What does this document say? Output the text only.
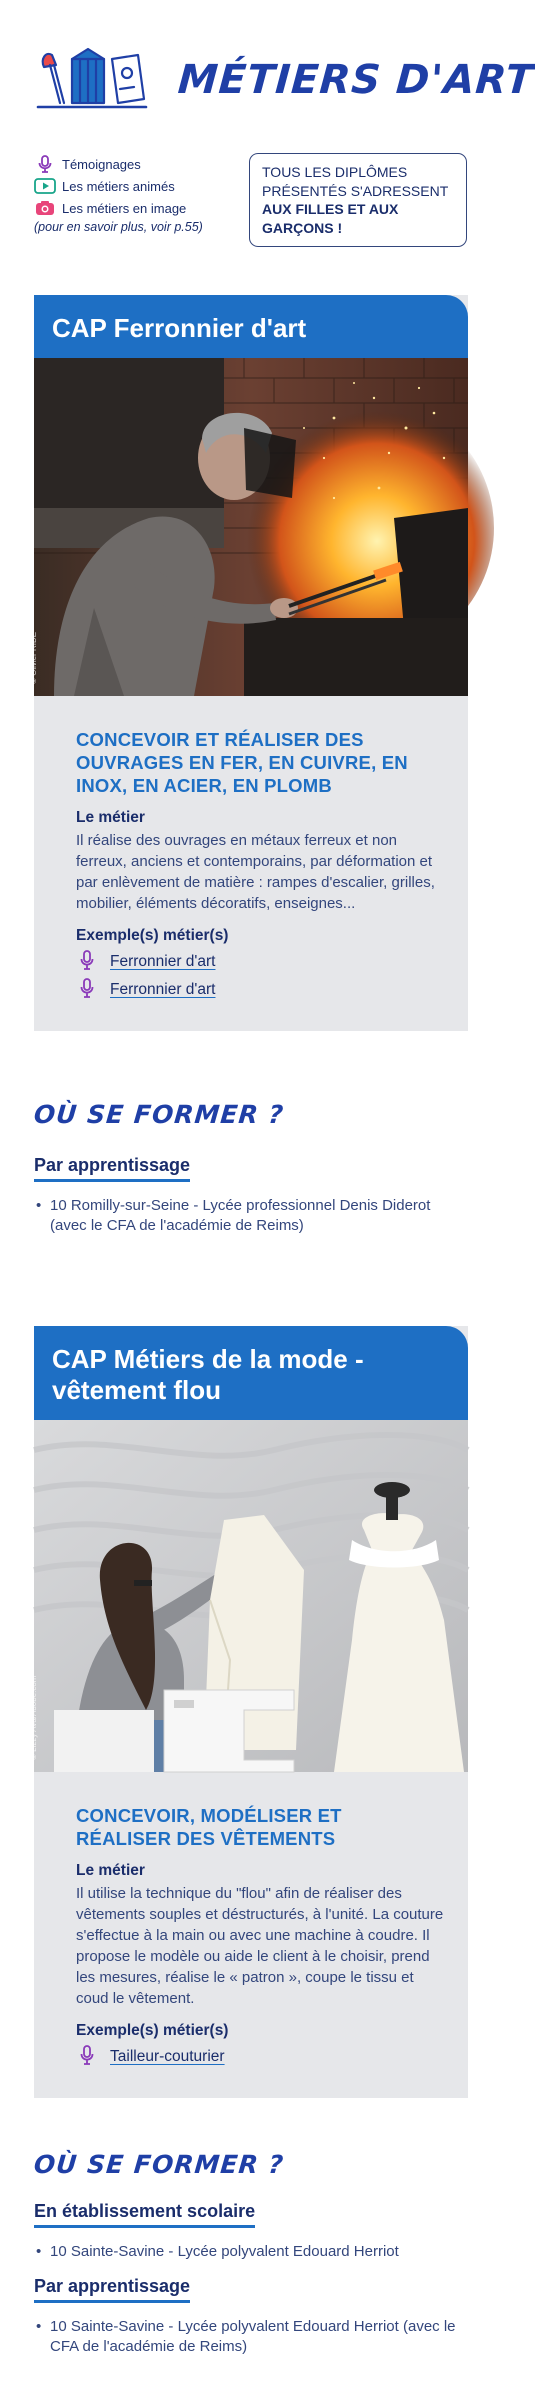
MÉTIERS D'ART
Témoignages
Les métiers animés
Les métiers en image
(pour en savoir plus, voir p.55)
TOUS LES DIPLÔMES
PRÉSENTÉS S'ADRESSENT
AUX FILLES ET AUX
GARÇONS !
CAP Ferronnier d'art
© Olivier RIDE
CONCEVOIR ET RÉALISER DES
OUVRAGES EN FER, EN CUIVRE, EN
INOX, EN ACIER, EN PLOMB
Le métier

Il réalise des ouvrages en métaux ferreux et non ferreux, anciens et contemporains, par déformation et par enlèvement de matière : rampes d'escalier, grilles, mobilier, éléments décoratifs, enseignes...

Exemple(s) métier(s)
Ferronnier d'art
Ferronnier d'art
OÙ SE FORMER ?
Par apprentissage
• 10 Romilly-sur-Seine - Lycée professionnel Denis Diderot (avec le CFA de l'académie de Reims)
CAP Métiers de la mode -
vêtement flou
© Lizzy Ava/Adobe.com
CONCEVOIR, MODÉLISER ET
RÉALISER DES VÊTEMENTS
Le métier

Il utilise la technique du "flou" afin de réaliser des vêtements souples et déstructurés, à l'unité. La couture s'effectue à la main ou avec une machine à coudre. Il propose le modèle ou aide le client à le choisir, prend les mesures, réalise le « patron », coupe le tissu et coud le vêtement.

Exemple(s) métier(s)
Tailleur-couturier
OÙ SE FORMER ?
En établissement scolaire
• 10 Sainte-Savine - Lycée polyvalent Edouard Herriot
Par apprentissage
• 10 Sainte-Savine - Lycée polyvalent Edouard Herriot (avec le CFA de l'académie de Reims)
